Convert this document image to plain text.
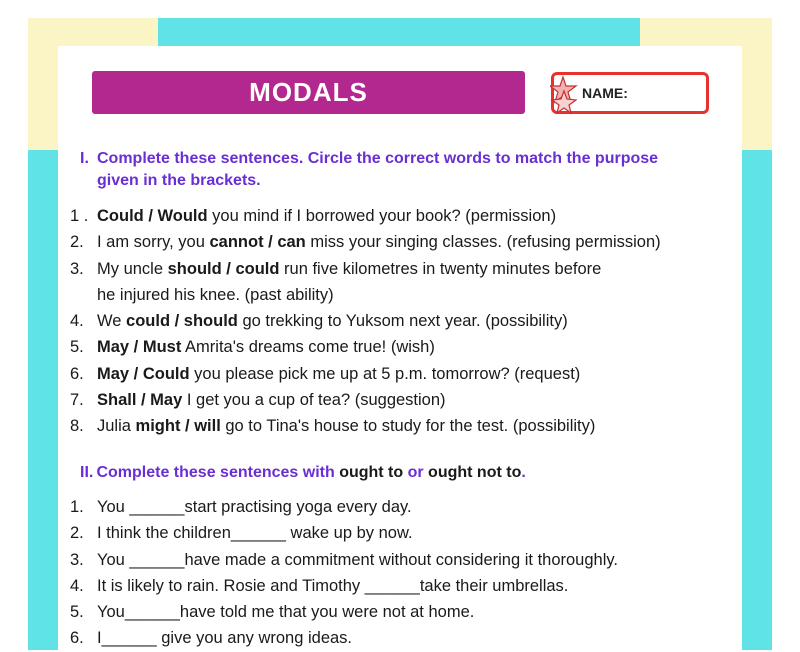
MODALS	NAME:
I. Complete these sentences. Circle the correct words to match the purpose
given in the brackets.
1 . Could / Would you mind if I borrowed your book? (permission)
2. I am sorry, you cannot / can miss your singing classes. (refusing permission)
3. My uncle should / could run five kilometres in twenty minutes before
he injured his knee. (past ability)
4. We could / should go trekking to Yuksom next year. (possibility)
5. May / Must Amrita's dreams come true! (wish)
6. May / Could you please pick me up at 5 p.m. tomorrow? (request)
7. Shall / May I get you a cup of tea? (suggestion)
8. Julia might / will go to Tina's house to study for the test. (possibility)
II. Complete these sentences with ought to or ought not to.
1. You ______start practising yoga every day.
2. I think the children______ wake up by now.
3. You ______have made a commitment without considering it thoroughly.
4. It is likely to rain. Rosie and Timothy ______take their umbrellas.
5. You______have told me that you were not at home.
6. I______ give you any wrong ideas.
